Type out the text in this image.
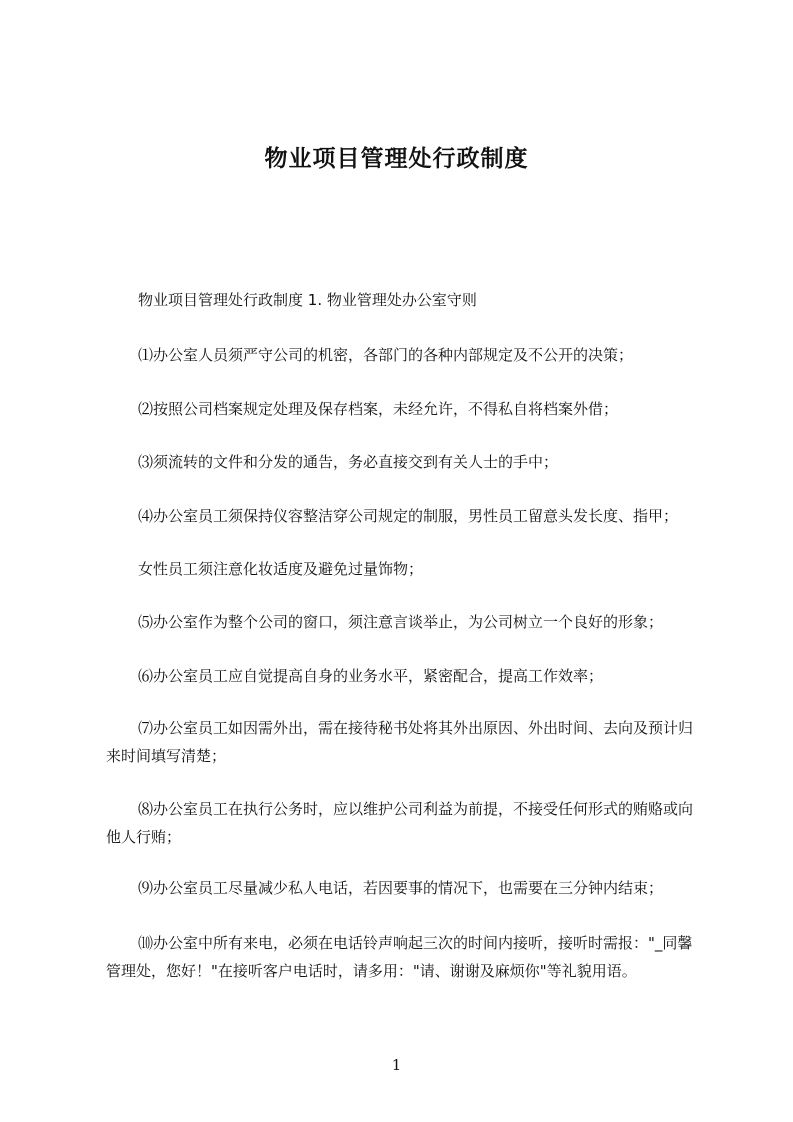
物业项目管理处行政制度
物业项目管理处行政制度 1. 物业管理处办公室守则
⑴办公室人员须严守公司的机密，各部门的各种内部规定及不公开的决策；
⑵按照公司档案规定处理及保存档案，未经允许，不得私自将档案外借；
⑶须流转的文件和分发的通告，务必直接交到有关人士的手中；
⑷办公室员工须保持仪容整洁穿公司规定的制服，男性员工留意头发长度、指甲；
女性员工须注意化妆适度及避免过量饰物；
⑸办公室作为整个公司的窗口，须注意言谈举止，为公司树立一个良好的形象；
⑹办公室员工应自觉提高自身的业务水平，紧密配合，提高工作效率；
⑺办公室员工如因需外出，需在接待秘书处将其外出原因、外出时间、去向及预计归来时间填写清楚；
⑻办公室员工在执行公务时，应以维护公司利益为前提，不接受任何形式的贿赂或向他人行贿；
⑼办公室员工尽量减少私人电话，若因要事的情况下，也需要在三分钟内结束；
⑽办公室中所有来电，必须在电话铃声响起三次的时间内接听，接听时需报："_同馨管理处，您好！"在接听客户电话时，请多用："请、谢谢及麻烦你"等礼貌用语。
1
